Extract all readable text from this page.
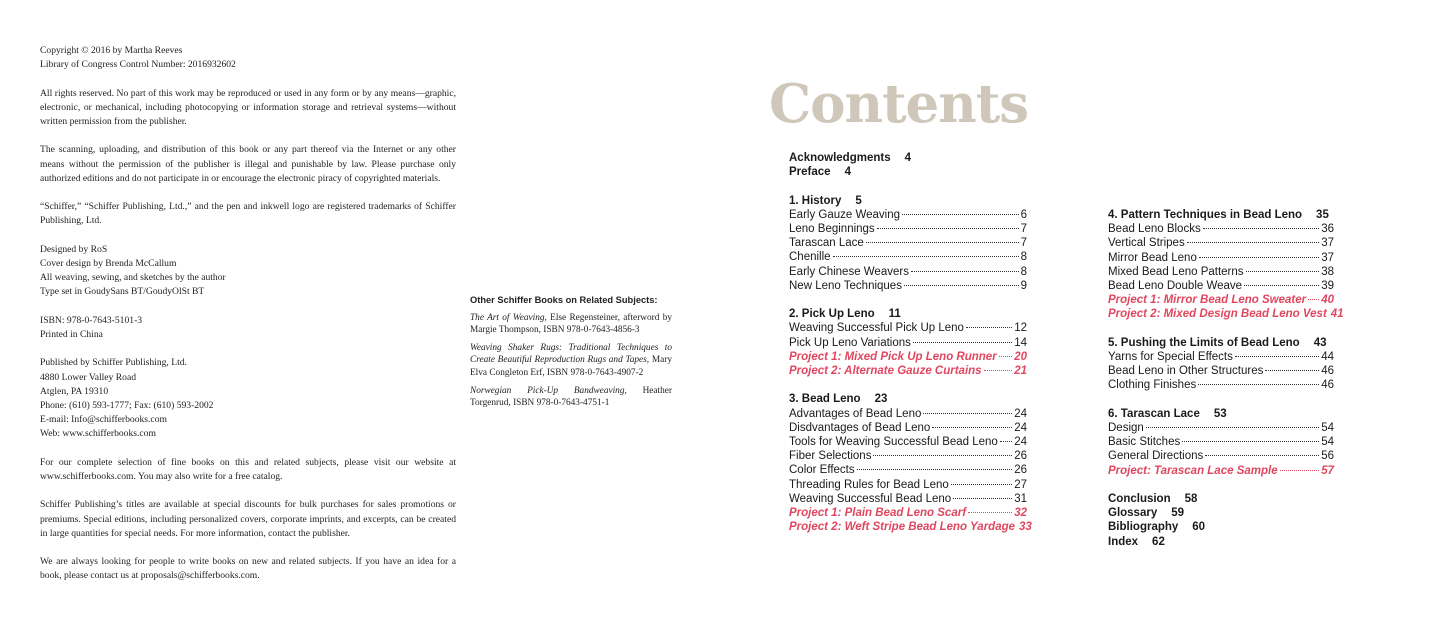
Copyright © 2016 by Martha Reeves
Library of Congress Control Number: 2016932602

All rights reserved. No part of this work may be reproduced or used in any form or by any means—graphic, electronic, or mechanical, including photocopying or information storage and retrieval systems—without written permission from the publisher.

The scanning, uploading, and distribution of this book or any part thereof via the Internet or any other means without the permission of the publisher is illegal and punishable by law. Please purchase only authorized editions and do not participate in or encourage the electronic piracy of copyrighted materials.

“Schiffer,” “Schiffer Publishing, Ltd.,” and the pen and inkwell logo are registered trademarks of Schiffer Publishing, Ltd.

Designed by RoS
Cover design by Brenda McCallum
All weaving, sewing, and sketches by the author
Type set in GoudySans BT/GoudyOlSt BT

ISBN: 978-0-7643-5101-3
Printed in China

Published by Schiffer Publishing, Ltd.
4880 Lower Valley Road
Atglen, PA 19310
Phone: (610) 593-1777; Fax: (610) 593-2002
E-mail: Info@schifferbooks.com
Web: www.schifferbooks.com

For our complete selection of fine books on this and related subjects, please visit our website at www.schifferbooks.com. You may also write for a free catalog.

Schiffer Publishing’s titles are available at special discounts for bulk purchases for sales promotions or premiums. Special editions, including personalized covers, corporate imprints, and excerpts, can be created in large quantities for special needs. For more information, contact the publisher.

We are always looking for people to write books on new and related subjects. If you have an idea for a book, please contact us at proposals@schifferbooks.com.

Other Schiffer Books on Related Subjects:
The Art of Weaving, Else Regensteiner, afterword by Margie Thompson, ISBN 978-0-7643-4856-3
Weaving Shaker Rugs: Traditional Techniques to Create Beautiful Reproduction Rugs and Tapes, Mary Elva Congleton Erf, ISBN 978-0-7643-4907-2
Norwegian Pick-Up Bandweaving, Heather Torgenrud, ISBN 978-0-7643-4751-1
Contents
Acknowledgments 4
Preface 4
1. History 5
Early Gauze Weaving	6
Leno Beginnings	7
Tarascan Lace	7
Chenille	8
Early Chinese Weavers	8
New Leno Techniques	9
2. Pick Up Leno 11
Weaving Successful Pick Up Leno	12
Pick Up Leno Variations	14
Project 1: Mixed Pick Up Leno Runner 20
Project 2: Alternate Gauze Curtains	21
3. Bead Leno 23
Advantages of Bead Leno	24
Disdvantages of Bead Leno	24
Tools for Weaving Successful Bead Leno 24
Fiber Selections	26
Color Effects	26
Threading Rules for Bead Leno	27
Weaving Successful Bead Leno	31
Project 1: Plain Bead Leno Scarf	32
Project 2: Weft Stripe Bead Leno Yardage 33
4. Pattern Techniques in Bead Leno 35
Bead Leno Blocks	36
Vertical Stripes	37
Mirror Bead Leno	37
Mixed Bead Leno Patterns	38
Bead Leno Double Weave	39
Project 1: Mirror Bead Leno Sweater 40
Project 2: Mixed Design Bead Leno Vest 41
5. Pushing the Limits of Bead Leno 43
Yarns for Special Effects	44
Bead Leno in Other Structures	46
Clothing Finishes	46
6. Tarascan Lace 53
Design	54
Basic Stitches	54
General Directions	56
Project: Tarascan Lace Sample	57
Conclusion 58
Glossary 59
Bibliography 60
Index 62
